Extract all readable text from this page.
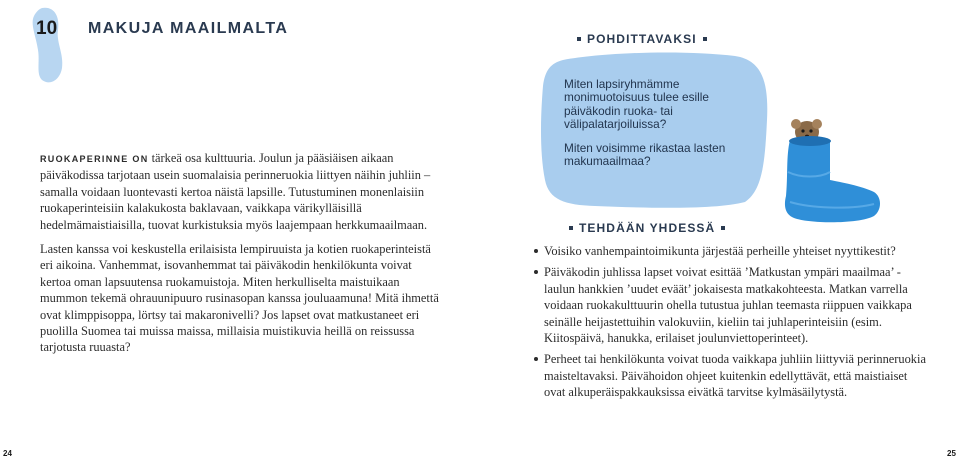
10 MAKUJA MAAILMALTA

RUOKAPERINNE ON tärkeä osa kulttuuria. Joulun ja pääsiäisen aikaan päiväkodissa tarjotaan usein suomalaisia perinneruokia liittyen näihin juhliin – samalla voidaan luontevasti kertoa näistä lapsille. Tutustuminen monenlaisiin ruokaperinteisiin kalakukosta baklavaan, vaikkapa värikylläisillä hedelmämaistiaisilla, tuovat kurkistuksia myös laajempaan herkkumaailmaan.

Lasten kanssa voi keskustella erilaisista lempiruuista ja kotien ruokaperinteistä eri aikoina. Vanhemmat, isovanhemmat tai päiväkodin henkilökunta voivat kertoa oman lapsuutensa ruokamuistoja. Miten herkulliselta maistuikaan mummon tekemä ohrauunipuuro rusinasopan kanssa jouluaamuna! Mitä ihmettä ovat klimppisoppa, lörtsy tai makaronivelli? Jos lapset ovat matkustaneet eri puolilla Suomea tai muissa maissa, millaisia muistikuvia heillä on reissussa tarjotusta ruuasta?

POHDITTAVAKSI

Miten lapsiryhmämme monimuotoisuus tulee esille päiväkodin ruoka- tai välipalatarjoiluissa?

Miten voisimme rikastaa lasten makumaailmaa?

TEHDÄÄN YHDESSÄ
Voisiko vanhempaintoimikunta järjestää perheille yhteiset nyyttikestit?
Päiväkodin juhlissa lapset voivat esittää ’Matkustan ympäri maailmaa’ -laulun hankkien ’uudet eväät’ jokaisesta matkakohteesta. Matkan varrella voidaan ruokakulttuurin ohella tutustua juhlan teemasta riippuen vaikkapa seinälle heijastettuihin valokuviin, kieliin tai juhlaperinteisiin (esim. Kiitospäivä, hanukka, erilaiset joulunviettoperinteet).
Perheet tai henkilökunta voivat tuoda vaikkapa juhliin liittyviä perinneruokia maisteltavaksi. Päivähoidon ohjeet kuitenkin edellyttävät, että maistiaiset ovat alkuperäispakkauksissa eivätkä tarvitse kylmäsäilytystä.
24	25
